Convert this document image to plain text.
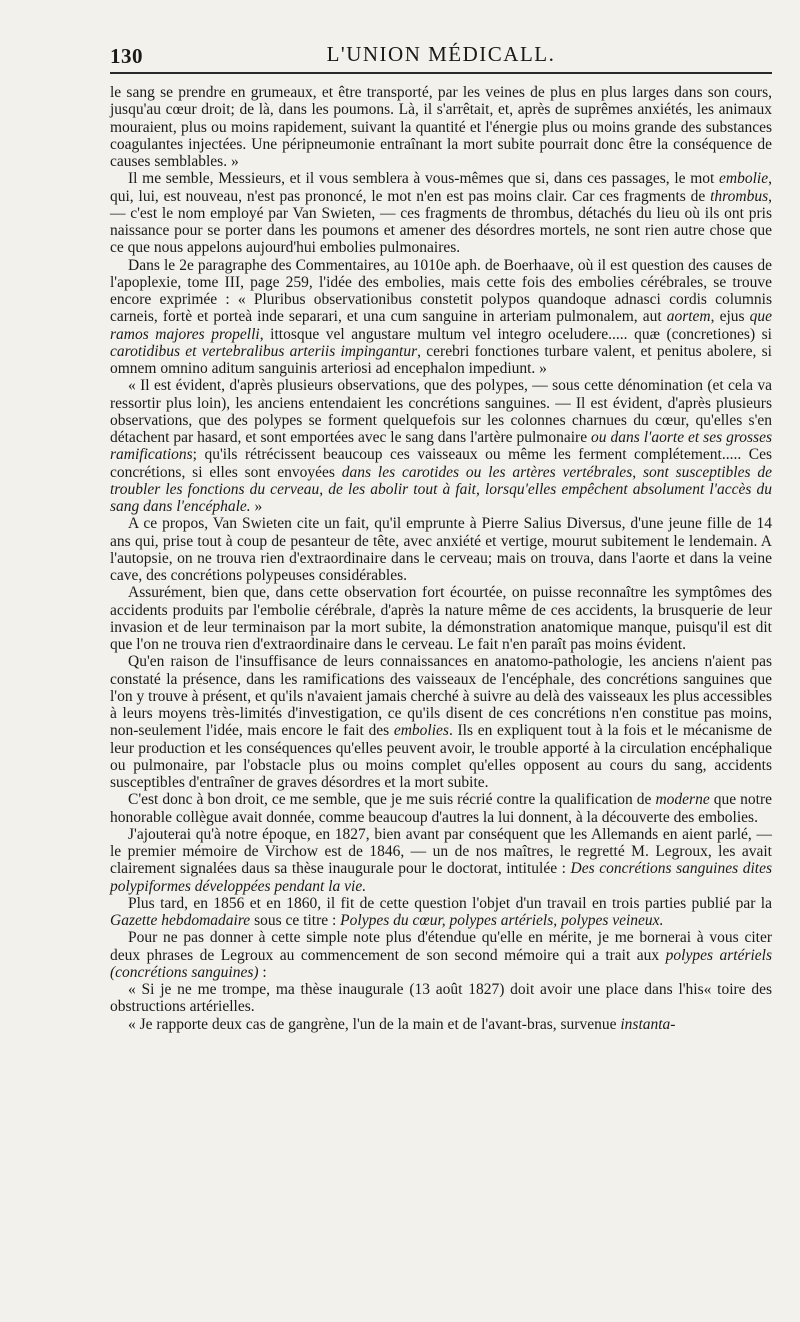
130	L'UNION MÉDICALL.

le sang se prendre en grumeaux, et être transporté, par les veines de plus en plus larges dans son cours, jusqu'au cœur droit; de là, dans les poumons. Là, il s'arrêtait, et, après de suprêmes anxiétés, les animaux mouraient, plus ou moins rapidement, suivant la quantité et l'énergie plus ou moins grande des substances coagulantes injectées. Une péripneumonie entraînant la mort subite pourrait donc être la conséquence de causes semblables. »

Il me semble, Messieurs, et il vous semblera à vous-mêmes que si, dans ces passages, le mot embolie, qui, lui, est nouveau, n'est pas prononcé, le mot n'en est pas moins clair. Car ces fragments de thrombus, — c'est le nom employé par Van Swieten, — ces fragments de thrombus, détachés du lieu où ils ont pris naissance pour se porter dans les poumons et amener des désordres mortels, ne sont rien autre chose que ce que nous appelons aujourd'hui embolies pulmonaires.

Dans le 2e paragraphe des Commentaires, au 1010e aph. de Boerhaave, où il est question des causes de l'apoplexie, tome III, page 259, l'idée des embolies, mais cette fois des embolies cérébrales, se trouve encore exprimée : « Pluribus observationibus constetit polypos quandoque adnasci cordis columnis carneis, fortè et porteà inde separari, et una cum sanguine in arteriam pulmonalem, aut aortem, ejus que ramos majores propelli, ittosque vel angustare multum vel integro oceludere..... quæ (concretiones) si carotidibus et vertebralibus arteriis impingantur, cerebri fonctiones turbare valent, et penitus abolere, si omnem omnino aditum sanguinis arteriosi ad encephalon impediunt. »

« Il est évident, d'après plusieurs observations, que des polypes, — sous cette dénomination (et cela va ressortir plus loin), les anciens entendaient les concrétions sanguines. — Il est évident, d'après plusieurs observations, que des polypes se forment quelquefois sur les colonnes charnues du cœur, qu'elles s'en détachent par hasard, et sont emportées avec le sang dans l'artère pulmonaire ou dans l'aorte et ses grosses ramifications; qu'ils rétrécissent beaucoup ces vaisseaux ou même les ferment complétement..... Ces concrétions, si elles sont envoyées dans les carotides ou les artères vertébrales, sont susceptibles de troubler les fonctions du cerveau, de les abolir tout à fait, lorsqu'elles empêchent absolument l'accès du sang dans l'encéphale. »

A ce propos, Van Swieten cite un fait, qu'il emprunte à Pierre Salius Diversus, d'une jeune fille de 14 ans qui, prise tout à coup de pesanteur de tête, avec anxiété et vertige, mourut subitement le lendemain. A l'autopsie, on ne trouva rien d'extraordinaire dans le cerveau; mais on trouva, dans l'aorte et dans la veine cave, des concrétions polypeuses considérables.

Assurément, bien que, dans cette observation fort écourtée, on puisse reconnaître les symptômes des accidents produits par l'embolie cérébrale, d'après la nature même de ces accidents, la brusquerie de leur invasion et de leur terminaison par la mort subite, la démonstration anatomique manque, puisqu'il est dit que l'on ne trouva rien d'extraordinaire dans le cerveau. Le fait n'en paraît pas moins évident.

Qu'en raison de l'insuffisance de leurs connaissances en anatomo-pathologie, les anciens n'aient pas constaté la présence, dans les ramifications des vaisseaux de l'encéphale, des concrétions sanguines que l'on y trouve à présent, et qu'ils n'avaient jamais cherché à suivre au delà des vaisseaux les plus accessibles à leurs moyens très-limités d'investigation, ce qu'ils disent de ces concrétions n'en constitue pas moins, non-seulement l'idée, mais encore le fait des embolies. Ils en expliquent tout à la fois et le mécanisme de leur production et les conséquences qu'elles peuvent avoir, le trouble apporté à la circulation encéphalique ou pulmonaire, par l'obstacle plus ou moins complet qu'elles opposent au cours du sang, accidents susceptibles d'entraîner de graves désordres et la mort subite.

C'est donc à bon droit, ce me semble, que je me suis récrié contre la qualification de moderne que notre honorable collègue avait donnée, comme beaucoup d'autres la lui donnent, à la découverte des embolies.

J'ajouterai qu'à notre époque, en 1827, bien avant par conséquent que les Allemands en aient parlé, — le premier mémoire de Virchow est de 1846, — un de nos maîtres, le regretté M. Legroux, les avait clairement signalées daus sa thèse inaugurale pour le doctorat, intitulée : Des concrétions sanguines dites polypiformes développées pendant la vie.

Plus tard, en 1856 et en 1860, il fit de cette question l'objet d'un travail en trois parties publié par la Gazette hebdomadaire sous ce titre : Polypes du cœur, polypes artériels, polypes veineux.

Pour ne pas donner à cette simple note plus d'étendue qu'elle en mérite, je me bornerai à vous citer deux phrases de Legroux au commencement de son second mémoire qui a trait aux polypes artériels (concrétions sanguines) :

« Si je ne me trompe, ma thèse inaugurale (13 août 1827) doit avoir une place dans l'his« toire des obstructions artérielles.

« Je rapporte deux cas de gangrène, l'un de la main et de l'avant-bras, survenue instanta-
